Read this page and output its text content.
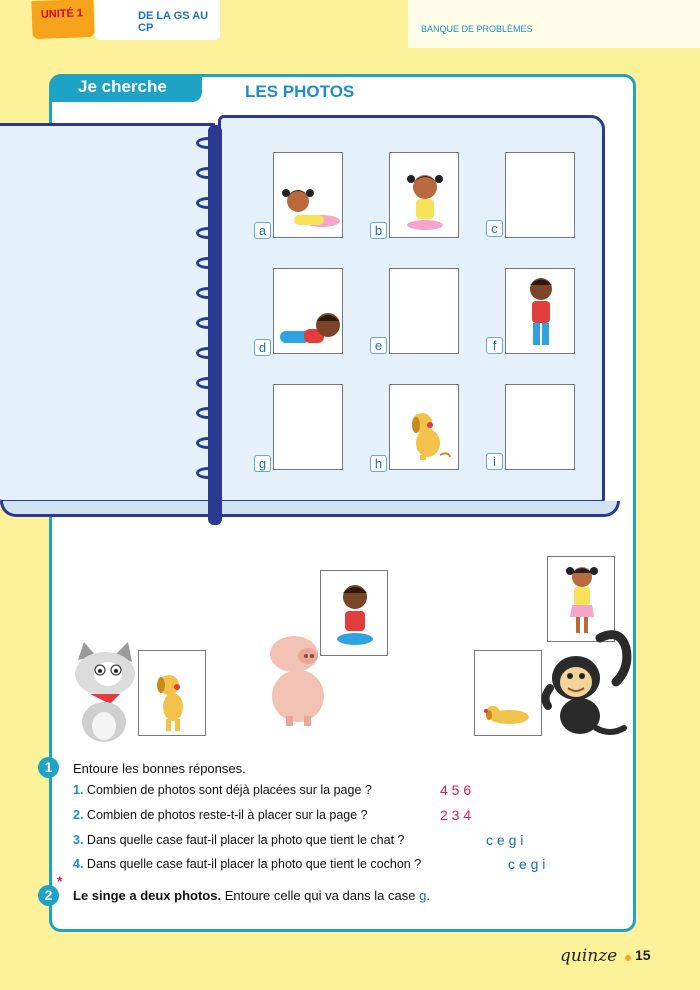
UNITÉ 1	DE LA GS AU CP	BANQUE DE PROBLÈMES
Je cherche	LES PHOTOS
a	b	c
d	e	f
g	h	i
1	Entoure les bonnes réponses.
1. Combien de photos sont déjà placées sur la page ?	4 5 6
2. Combien de photos reste-t-il à placer sur la page ?	2 3 4
3. Dans quelle case faut-il placer la photo que tient le chat ?	c e g i
4. Dans quelle case faut-il placer la photo que tient le cochon ?	c e g i
2
*
Le singe a deux photos. Entoure celle qui va dans la case g.
quinze 15
